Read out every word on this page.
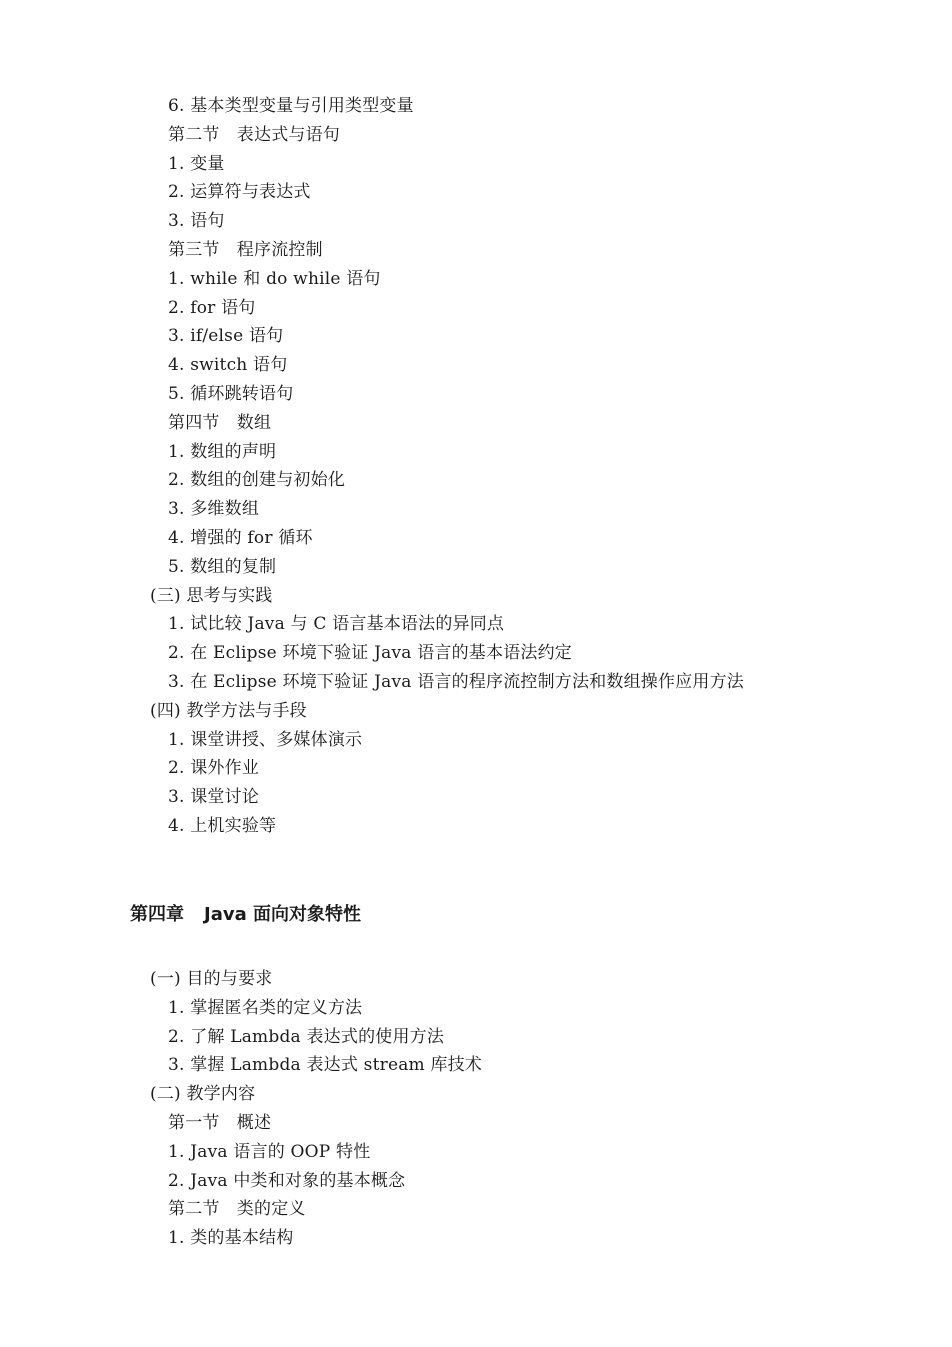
6. 基本类型变量与引用类型变量
第二节　表达式与语句
1. 变量
2. 运算符与表达式
3. 语句
第三节　程序流控制
1. while 和 do while 语句
2. for 语句
3. if/else 语句
4. switch 语句
5. 循环跳转语句
第四节　数组
1. 数组的声明
2. 数组的创建与初始化
3. 多维数组
4. 增强的 for 循环
5. 数组的复制
(三) 思考与实践
1. 试比较 Java 与 C 语言基本语法的异同点
2. 在 Eclipse 环境下验证 Java 语言的基本语法约定
3. 在 Eclipse 环境下验证 Java 语言的程序流控制方法和数组操作应用方法
(四) 教学方法与手段
1. 课堂讲授、多媒体演示
2. 课外作业
3. 课堂讨论
4. 上机实验等
第四章 Java 面向对象特性
(一) 目的与要求
1. 掌握匿名类的定义方法
2. 了解 Lambda 表达式的使用方法
3. 掌握 Lambda 表达式 stream 库技术
(二) 教学内容
第一节　概述
1. Java 语言的 OOP 特性
2. Java 中类和对象的基本概念
第二节　类的定义
1. 类的基本结构
